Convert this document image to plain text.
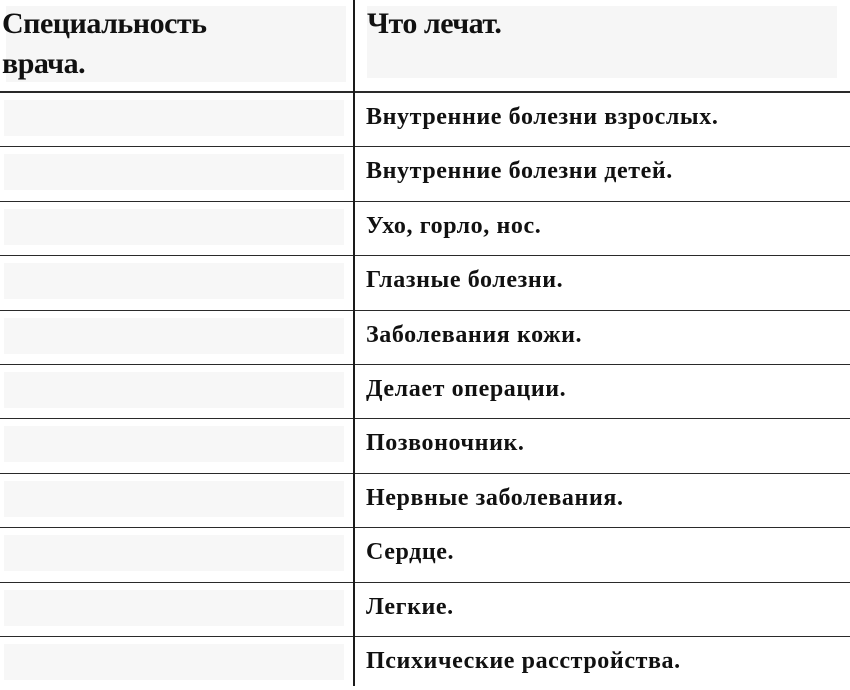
Специальность
врача.
Что лечат.
Внутренние болезни взрослых.
Внутренние болезни детей.
Ухо, горло, нос.
Глазные болезни.
Заболевания кожи.
Делает операции.
Позвоночник.
Нервные заболевания.
Сердце.
Легкие.
Психические расстройства.
